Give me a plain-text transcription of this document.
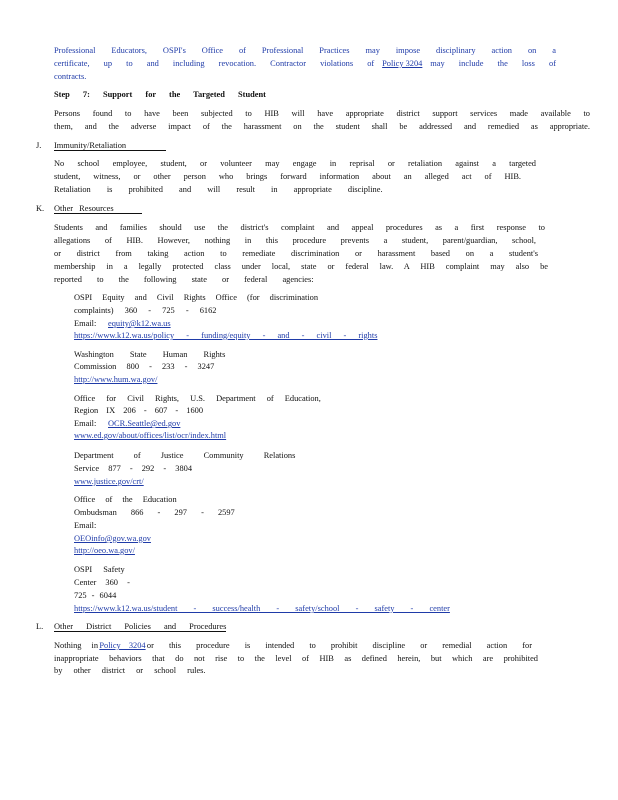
Professional Educators, OSPI's Office of Professional Practices may impose disciplinary action on a
certificate, up to and including revocation. Contractor violations of Policy 3204 may include the loss of
contracts.
Step 7: Support for the Targeted Student
Persons found to have been subjected to HIB will have appropriate district support services made available to
them, and the adverse impact of the harassment on the student shall be addressed and remedied as appropriate.
J. Immunity/Retaliation
No school employee, student, or volunteer may engage in reprisal or retaliation against a targeted
student, witness, or other person who brings forward information about an alleged act of HIB.
Retaliation is prohibited and will result in appropriate discipline.
K. Other Resources
Students and families should use the district's complaint and appeal procedures as a first response to
allegations of HIB. However, nothing in this procedure prevents a student, parent/guardian, school,
or district from taking action to remediate discrimination or harassment based on a student's
membership in a legally protected class under local, state or federal law. A HIB complaint may also be
reported to the following state or federal agencies:
OSPI Equity and Civil Rights Office (for discrimination
complaints) 360 - 725 - 6162
Email: equity@k12.wa.us
https://www.k12.wa.us/policy - funding/equity - and - civil - rights
Washington State Human Rights
Commission 800 - 233 - 3247
http://www.hum.wa.gov/
Office for Civil Rights, U.S. Department of Education,
Region IX 206 - 607 - 1600
Email: OCR.Seattle@ed.gov
www.ed.gov/about/offices/list/ocr/index.html
Department of Justice Community Relations
Service 877 - 292 - 3804
www.justice.gov/crt/
Office of the Education
Ombudsman 866 - 297 - 2597
Email:
OEOinfo@gov.wa.gov
http://oeo.wa.gov/
OSPI Safety
Center 360 -
725 - 6044
https://www.k12.wa.us/student - success/health - safety/school - safety - center
L. Other District Policies and Procedures
Nothing in Policy 3204 or this procedure is intended to prohibit discipline or remedial action for
inappropriate behaviors that do not rise to the level of HIB as defined herein, but which are prohibited
by other district or school rules.
